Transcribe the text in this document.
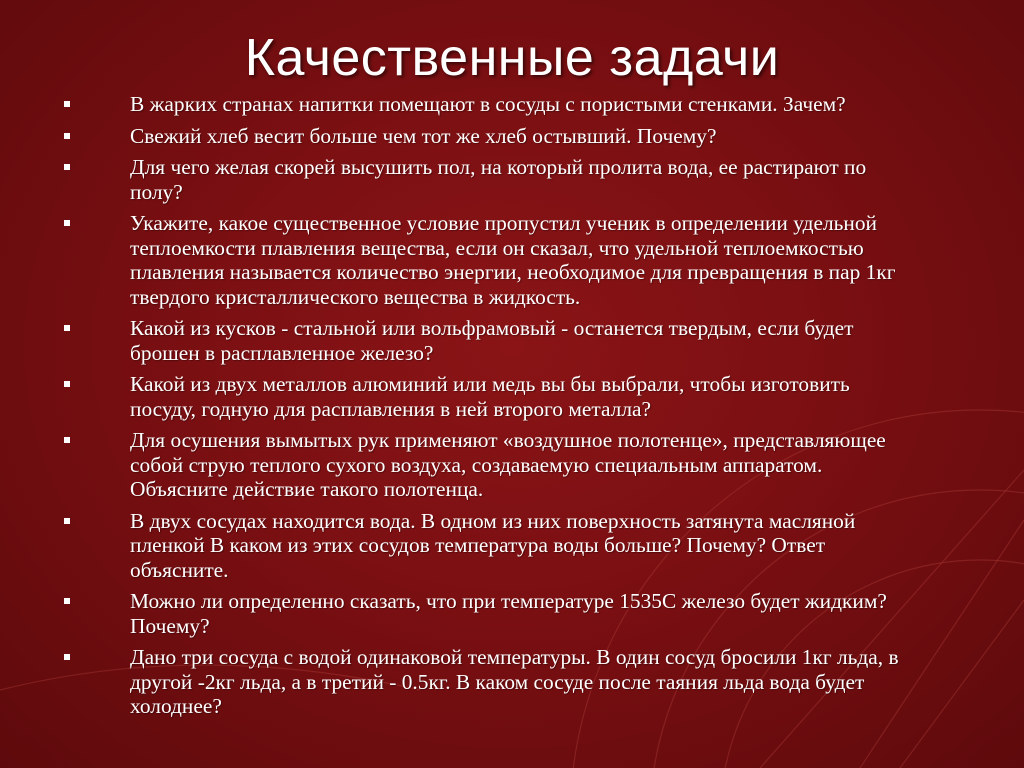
Качественные задачи
В жарких странах напитки помещают в сосуды с пористыми стенками. Зачем?
Свежий хлеб весит больше чем тот же хлеб остывший. Почему?
Для чего желая скорей высушить пол, на который пролита вода, ее растирают по полу?
Укажите, какое существенное условие пропустил ученик в определении удельной теплоемкости плавления вещества, если он сказал, что удельной теплоемкостью плавления называется количество энергии, необходимое для превращения в пар 1кг твердого кристаллического вещества в жидкость.
Какой из кусков - стальной или вольфрамовый - останется твердым, если будет брошен в расплавленное железо?
Какой из двух металлов алюминий или медь вы бы выбрали, чтобы изготовить посуду, годную для расплавления в ней второго металла?
Для осушения вымытых рук применяют «воздушное полотенце», представляющее собой струю теплого сухого воздуха, создаваемую специальным аппаратом. Объясните действие такого полотенца.
В двух сосудах находится вода. В одном из них поверхность затянута масляной пленкой В каком из этих сосудов температура воды больше? Почему? Ответ объясните.
Можно ли определенно сказать, что при температуре 1535С железо будет жидким? Почему?
Дано три сосуда с водой одинаковой температуры. В один сосуд бросили 1кг льда, в другой -2кг льда, а в третий - 0.5кг. В каком сосуде после таяния льда вода будет холоднее?
